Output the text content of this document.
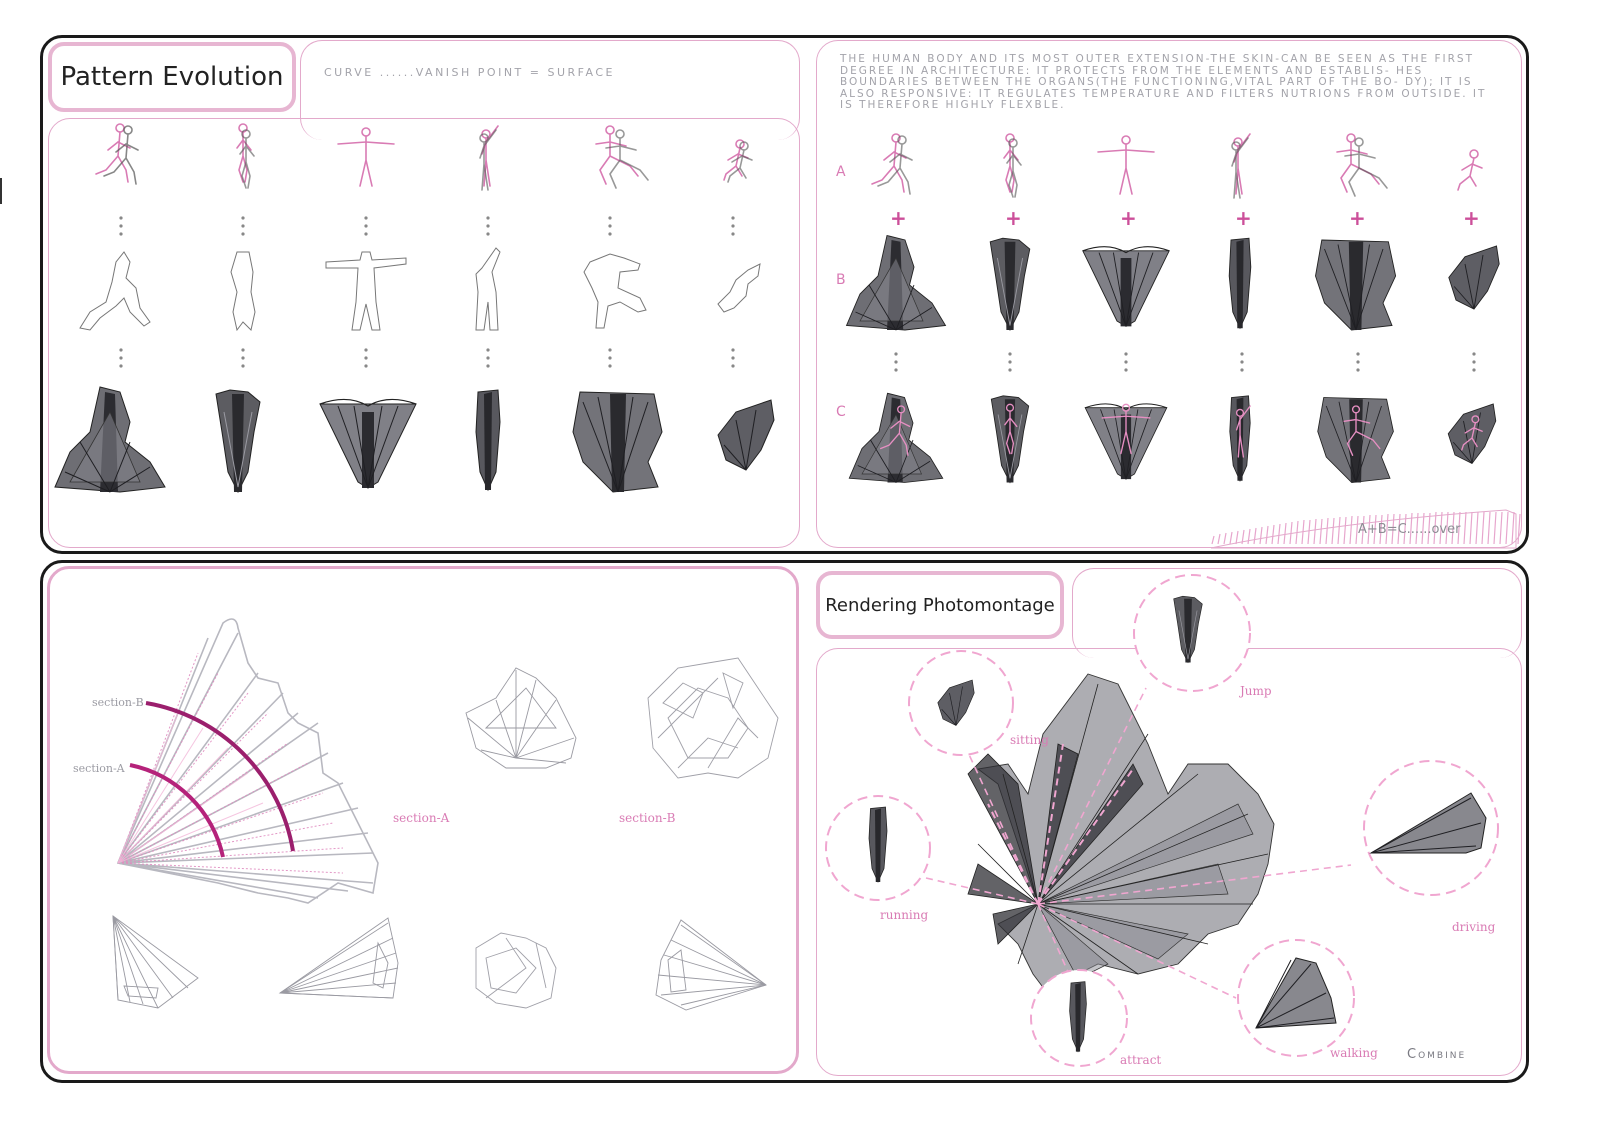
Pattern Evolution	CURVE ......VANISH POINT = SURFACE
THE HUMAN BODY AND ITS MOST OUTER EXTENSION-THE SKIN-CAN BE SEEN AS THE FIRST DEGREE IN ARCHITECTURE: IT PROTECTS FROM THE ELEMENTS AND ESTABLIS- HES BOUNDARIES BETWEEN THE ORGANS(THE FUNCTIONING,VITAL PART OF THE BO- DY); IT IS ALSO RESPONSIVE: IT REGULATES TEMPERATURE AND FILTERS NUTRIONS FROM OUTSIDE. IT IS THEREFORE HIGHLY FLEXBLE.
A
B
C
+	+	+	+	+	+
A+B=C......over
section-B
section-A
section-A	section-B
Rendering Photomontage
sitting
Jump
running
driving
attract	walking Combine
